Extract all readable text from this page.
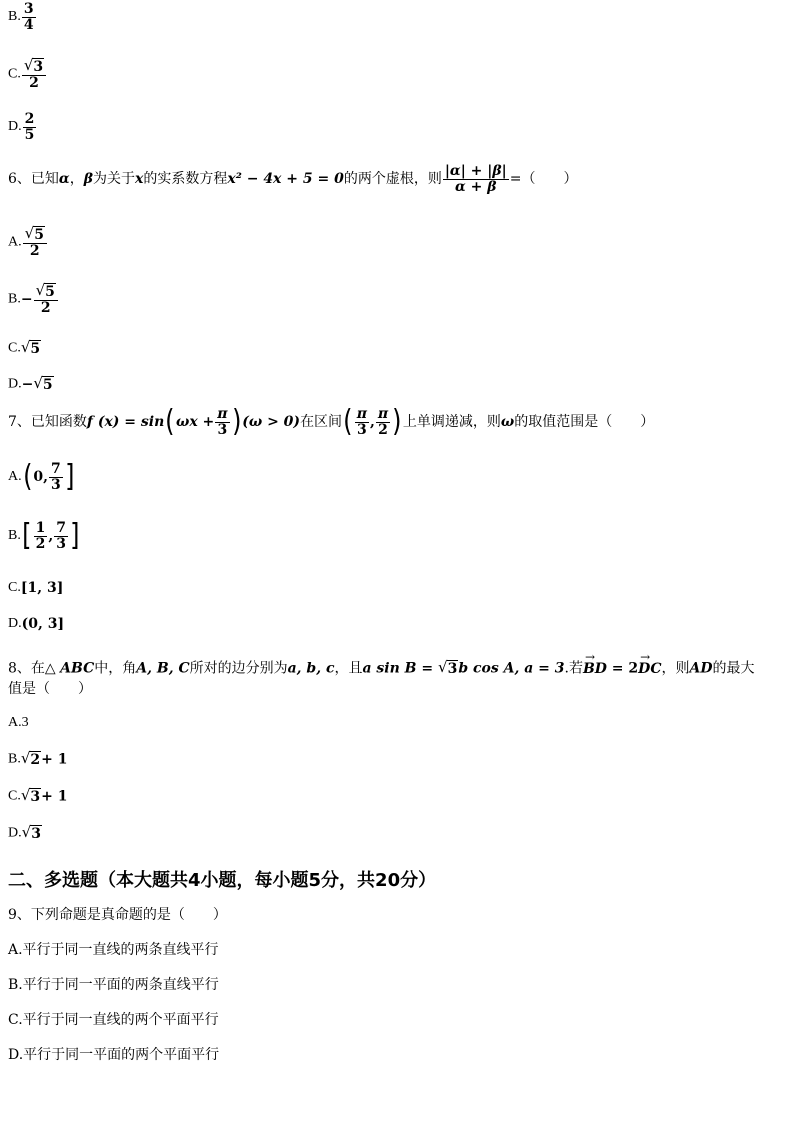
B. $\frac{3}{4}$
C. $\frac{√ 3}{2}$
D. $\frac{2}{5}$
6、已知α，β为关于x的实系数方程x² − 4x + 5 = 0的两个虚根，则 $\frac{|\alpha| + |\beta|}{\alpha + \beta}$ =（　　）
A. $\frac{√ 5}{2}$
$B.- \frac{√ 5}{2}$
C. √ 5
D.− √ 5
7、已知函数f $(x) = \sin(\omega x + \frac{\pi}{3} )(\omega > 0)$在区间( $\frac{\pi}{3}$ , $\frac{\pi}{2}$ )上单调递减，则ω的取值范围是（　　）
A.(0, $\frac{7}{3}$ ]
$B.[ \frac{1}{2}$ , $\frac{7}{3}$ ]
C.[1, 3]
D.(0, 3]
8、在△ ABC中，角A, B, C所对的边分别为a, b, c，且a sin B = √ 3 b cos A, a = 3.若→ BD = 2→ DC，则AD的最大
值是（　　）
A.3
B. √ 2 + 1
C. √ 3 + 1
D. √ 3
二、多选题（本大题共4小题，每小题5分，共20分）
9、下列命题是真命题的是（　　）
A.平行于同一直线的两条直线平行
B.平行于同一平面的两条直线平行
C.平行于同一直线的两个平面平行
D.平行于同一平面的两个平面平行
